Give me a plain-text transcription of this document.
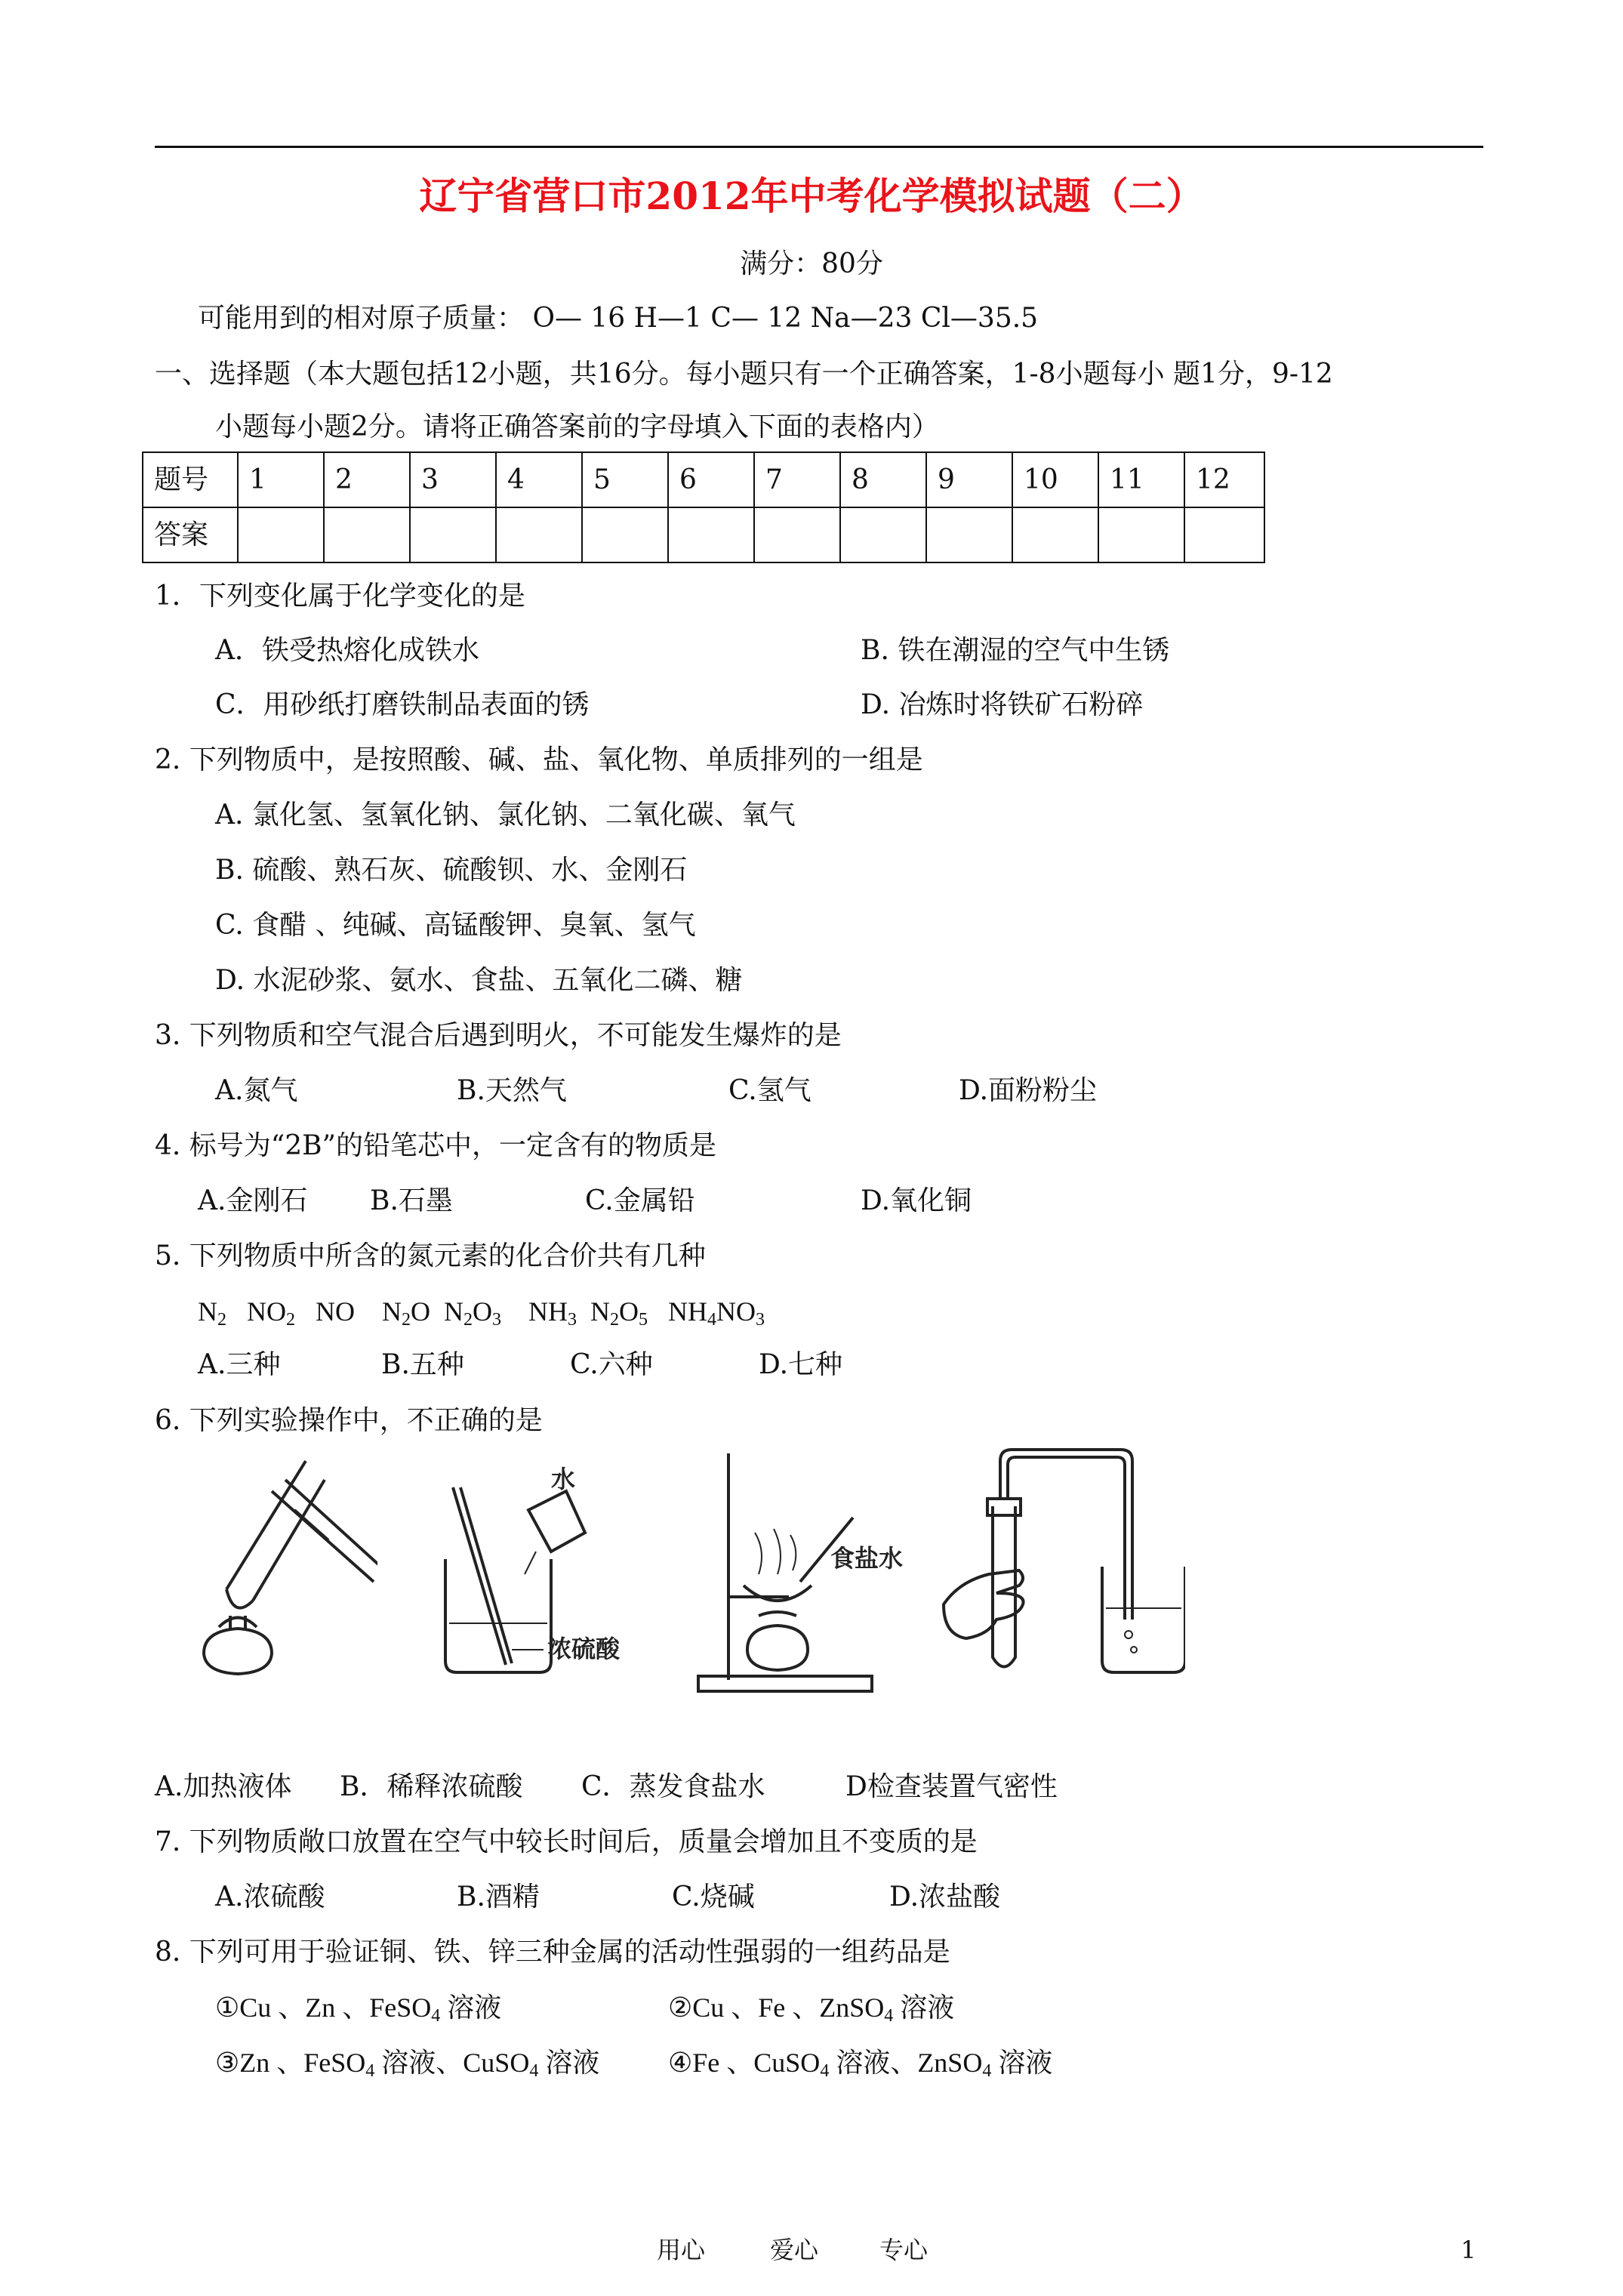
辽宁省营口市2012年中考化学模拟试题（二）
满分：80分
可能用到的相对原子质量： O— 16 H—1 C— 12 Na—23 Cl—35.5
一、选择题（本大题包括12小题，共16分。每小题只有一个正确答案，1-8小题每小 题1分，9-12
小题每小题2分。请将正确答案前的字母填入下面的表格内）
题号	1	2	3	4	5	6	7	8	9	10	11	12
答案												
1．下列变化属于化学变化的是
A．铁受热熔化成铁水	B. 铁在潮湿的空气中生锈
C．用砂纸打磨铁制品表面的锈	D. 冶炼时将铁矿石粉碎
2. 下列物质中，是按照酸、碱、盐、氧化物、单质排列的一组是
A. 氯化氢、氢氧化钠、氯化钠、二氧化碳、氧气
B. 硫酸、熟石灰、硫酸钡、水、金刚石
C. 食醋 、纯碱、高锰酸钾、臭氧、氢气
D. 水泥砂浆、氨水、食盐、五氧化二磷、糖
3. 下列物质和空气混合后遇到明火，不可能发生爆炸的是
A.氮气	B.天然气	C.氢气	D.面粉粉尘
4. 标号为“2B”的铅笔芯中，一定含有的物质是
A.金刚石 B.石墨	C.金属铅	D.氧化铜
5. 下列物质中所含的氮元素的化合价共有几种
$N_2$   $NO_2$   NO    $N_2O$  $N_2O_3$    $NH_3$  $N_2O_5$   $NH_4NO_3$
A.三种	B.五种	C.六种	D.七种
6. 下列实验操作中，不正确的是
水
浓硫酸
食盐水
A.加热液体 B．稀释浓硫酸 C．蒸发食盐水	D检查装置气密性
7. 下列物质敞口放置在空气中较长时间后，质量会增加且不变质的是
A.浓硫酸	B.酒精	C.烧碱	D.浓盐酸
8. 下列可用于验证铜、铁、锌三种金属的活动性强弱的一组药品是
①Cu 、Zn 、FeSO$_4$ 溶液	②Cu 、Fe 、ZnSO$_4$ 溶液
③Zn 、FeSO$_4$ 溶液、CuSO$_4$ 溶液	④Fe 、CuSO$_4$ 溶液、ZnSO$_4$ 溶液
用心	爱心	专心	1
